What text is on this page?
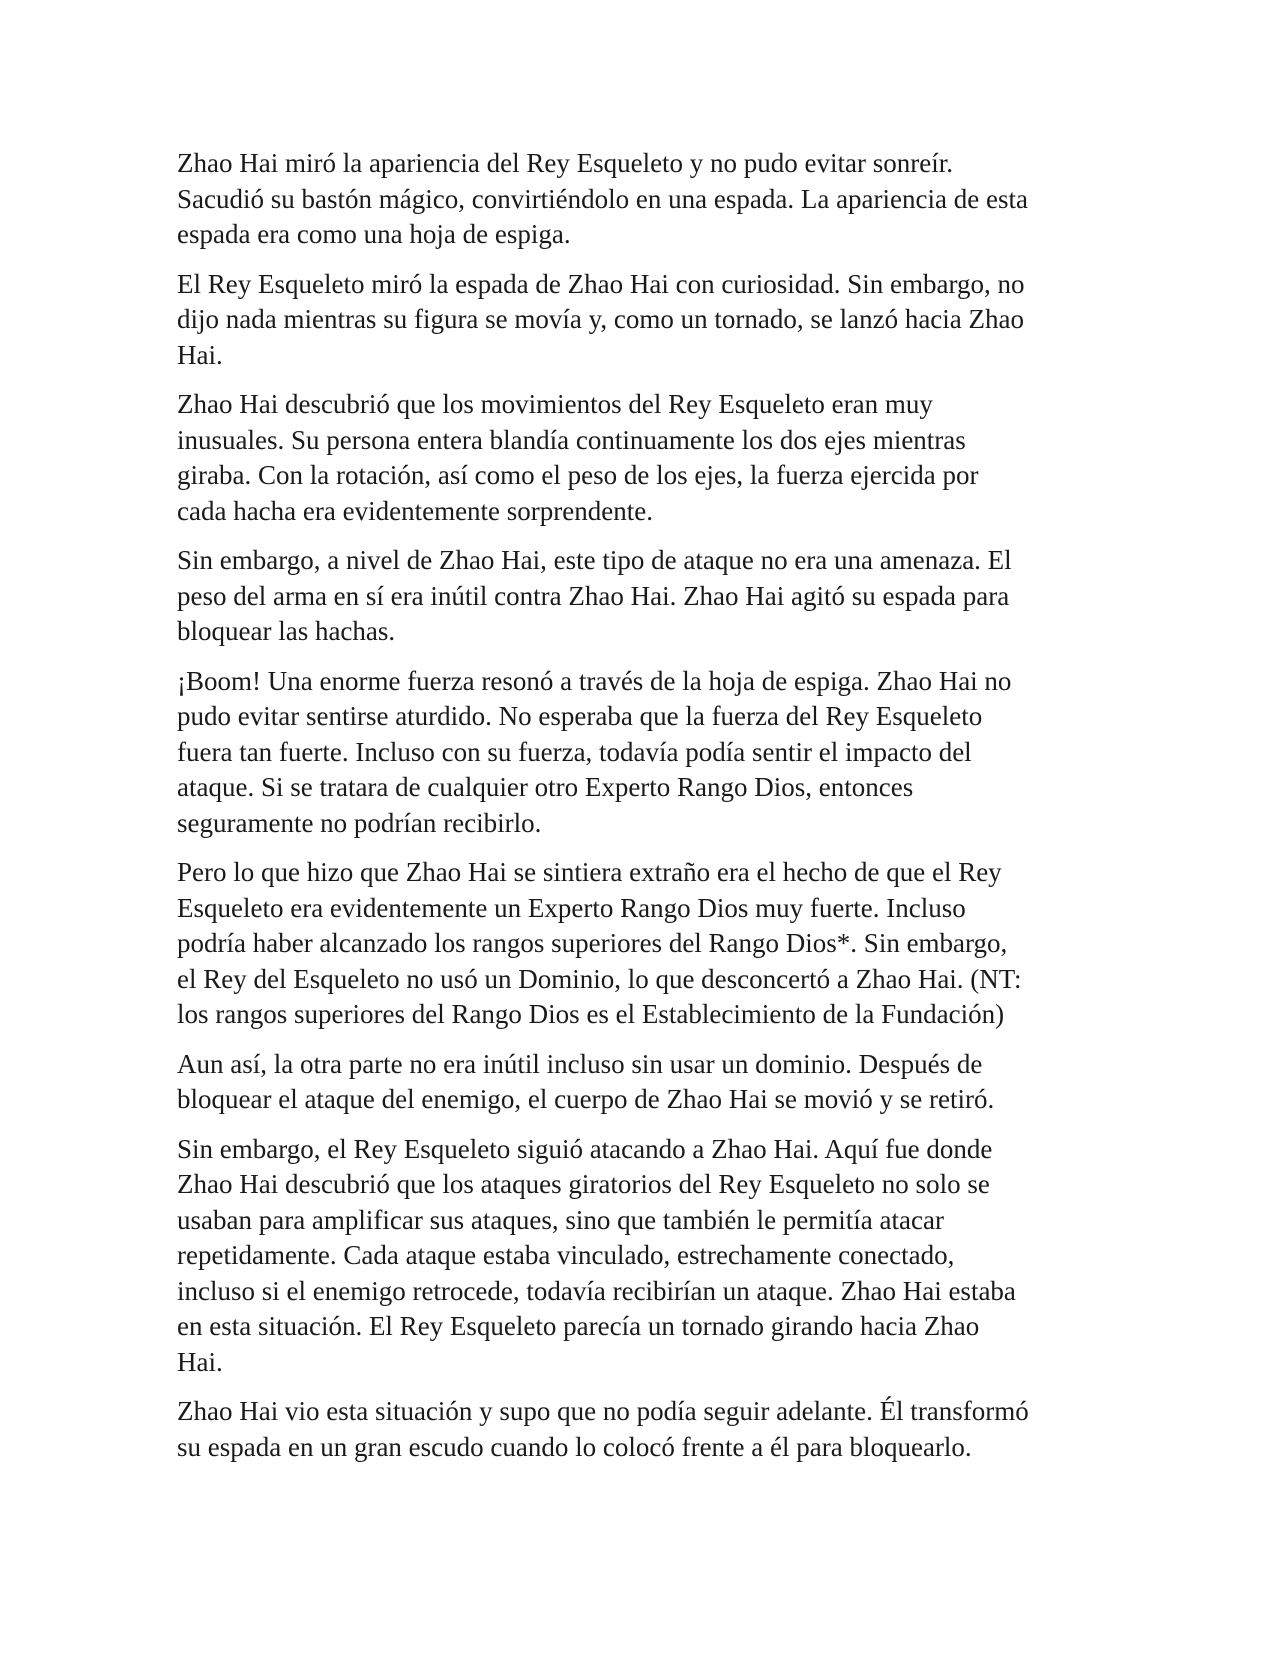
Zhao Hai miró la apariencia del Rey Esqueleto y no pudo evitar sonreír.
Sacudió su bastón mágico, convirtiéndolo en una espada. La apariencia de esta
espada era como una hoja de espiga.

El Rey Esqueleto miró la espada de Zhao Hai con curiosidad. Sin embargo, no
dijo nada mientras su figura se movía y, como un tornado, se lanzó hacia Zhao
Hai.

Zhao Hai descubrió que los movimientos del Rey Esqueleto eran muy
inusuales. Su persona entera blandía continuamente los dos ejes mientras
giraba. Con la rotación, así como el peso de los ejes, la fuerza ejercida por
cada hacha era evidentemente sorprendente.

Sin embargo, a nivel de Zhao Hai, este tipo de ataque no era una amenaza. El
peso del arma en sí era inútil contra Zhao Hai. Zhao Hai agitó su espada para
bloquear las hachas.

¡Boom! Una enorme fuerza resonó a través de la hoja de espiga. Zhao Hai no
pudo evitar sentirse aturdido. No esperaba que la fuerza del Rey Esqueleto
fuera tan fuerte. Incluso con su fuerza, todavía podía sentir el impacto del
ataque. Si se tratara de cualquier otro Experto Rango Dios, entonces
seguramente no podrían recibirlo.

Pero lo que hizo que Zhao Hai se sintiera extraño era el hecho de que el Rey
Esqueleto era evidentemente un Experto Rango Dios muy fuerte. Incluso
podría haber alcanzado los rangos superiores del Rango Dios*. Sin embargo,
el Rey del Esqueleto no usó un Dominio, lo que desconcertó a Zhao Hai. (NT:
los rangos superiores del Rango Dios es el Establecimiento de la Fundación)

Aun así, la otra parte no era inútil incluso sin usar un dominio. Después de
bloquear el ataque del enemigo, el cuerpo de Zhao Hai se movió y se retiró.

Sin embargo, el Rey Esqueleto siguió atacando a Zhao Hai. Aquí fue donde
Zhao Hai descubrió que los ataques giratorios del Rey Esqueleto no solo se
usaban para amplificar sus ataques, sino que también le permitía atacar
repetidamente. Cada ataque estaba vinculado, estrechamente conectado,
incluso si el enemigo retrocede, todavía recibirían un ataque. Zhao Hai estaba
en esta situación. El Rey Esqueleto parecía un tornado girando hacia Zhao
Hai.

Zhao Hai vio esta situación y supo que no podía seguir adelante. Él transformó
su espada en un gran escudo cuando lo colocó frente a él para bloquearlo.
